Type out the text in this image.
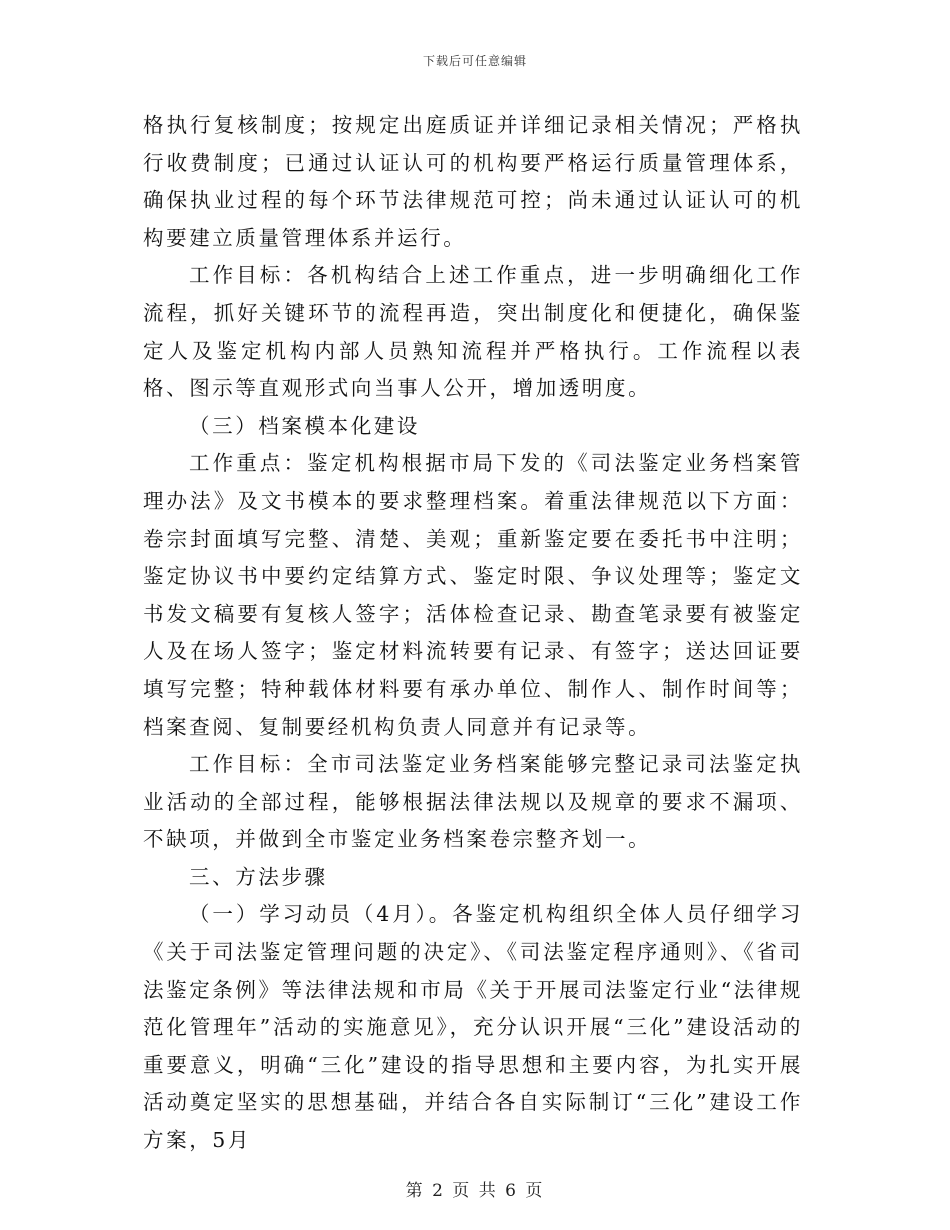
下载后可任意编辑

格执行复核制度；按规定出庭质证并详细记录相关情况；严格执行收费制度；已通过认证认可的机构要严格运行质量管理体系，确保执业过程的每个环节法律规范可控；尚未通过认证认可的机构要建立质量管理体系并运行。

工作目标：各机构结合上述工作重点，进一步明确细化工作流程，抓好关键环节的流程再造，突出制度化和便捷化，确保鉴定人及鉴定机构内部人员熟知流程并严格执行。工作流程以表格、图示等直观形式向当事人公开，增加透明度。

（三）档案模本化建设

工作重点：鉴定机构根据市局下发的《司法鉴定业务档案管理办法》及文书模本的要求整理档案。着重法律规范以下方面：卷宗封面填写完整、清楚、美观；重新鉴定要在委托书中注明；鉴定协议书中要约定结算方式、鉴定时限、争议处理等；鉴定文书发文稿要有复核人签字；活体检查记录、勘查笔录要有被鉴定人及在场人签字；鉴定材料流转要有记录、有签字；送达回证要填写完整；特种载体材料要有承办单位、制作人、制作时间等；档案查阅、复制要经机构负责人同意并有记录等。

工作目标：全市司法鉴定业务档案能够完整记录司法鉴定执业活动的全部过程，能够根据法律法规以及规章的要求不漏项、不缺项，并做到全市鉴定业务档案卷宗整齐划一。

三、方法步骤

（一）学习动员（4月）。各鉴定机构组织全体人员仔细学习《关于司法鉴定管理问题的决定》、《司法鉴定程序通则》、《省司法鉴定条例》等法律法规和市局《关于开展司法鉴定行业“法律规范化管理年”活动的实施意见》，充分认识开展“三化”建设活动的重要意义，明确“三化”建设的指导思想和主要内容，为扎实开展活动奠定坚实的思想基础，并结合各自实际制订“三化”建设工作方案，5月

第 2 页 共 6 页
